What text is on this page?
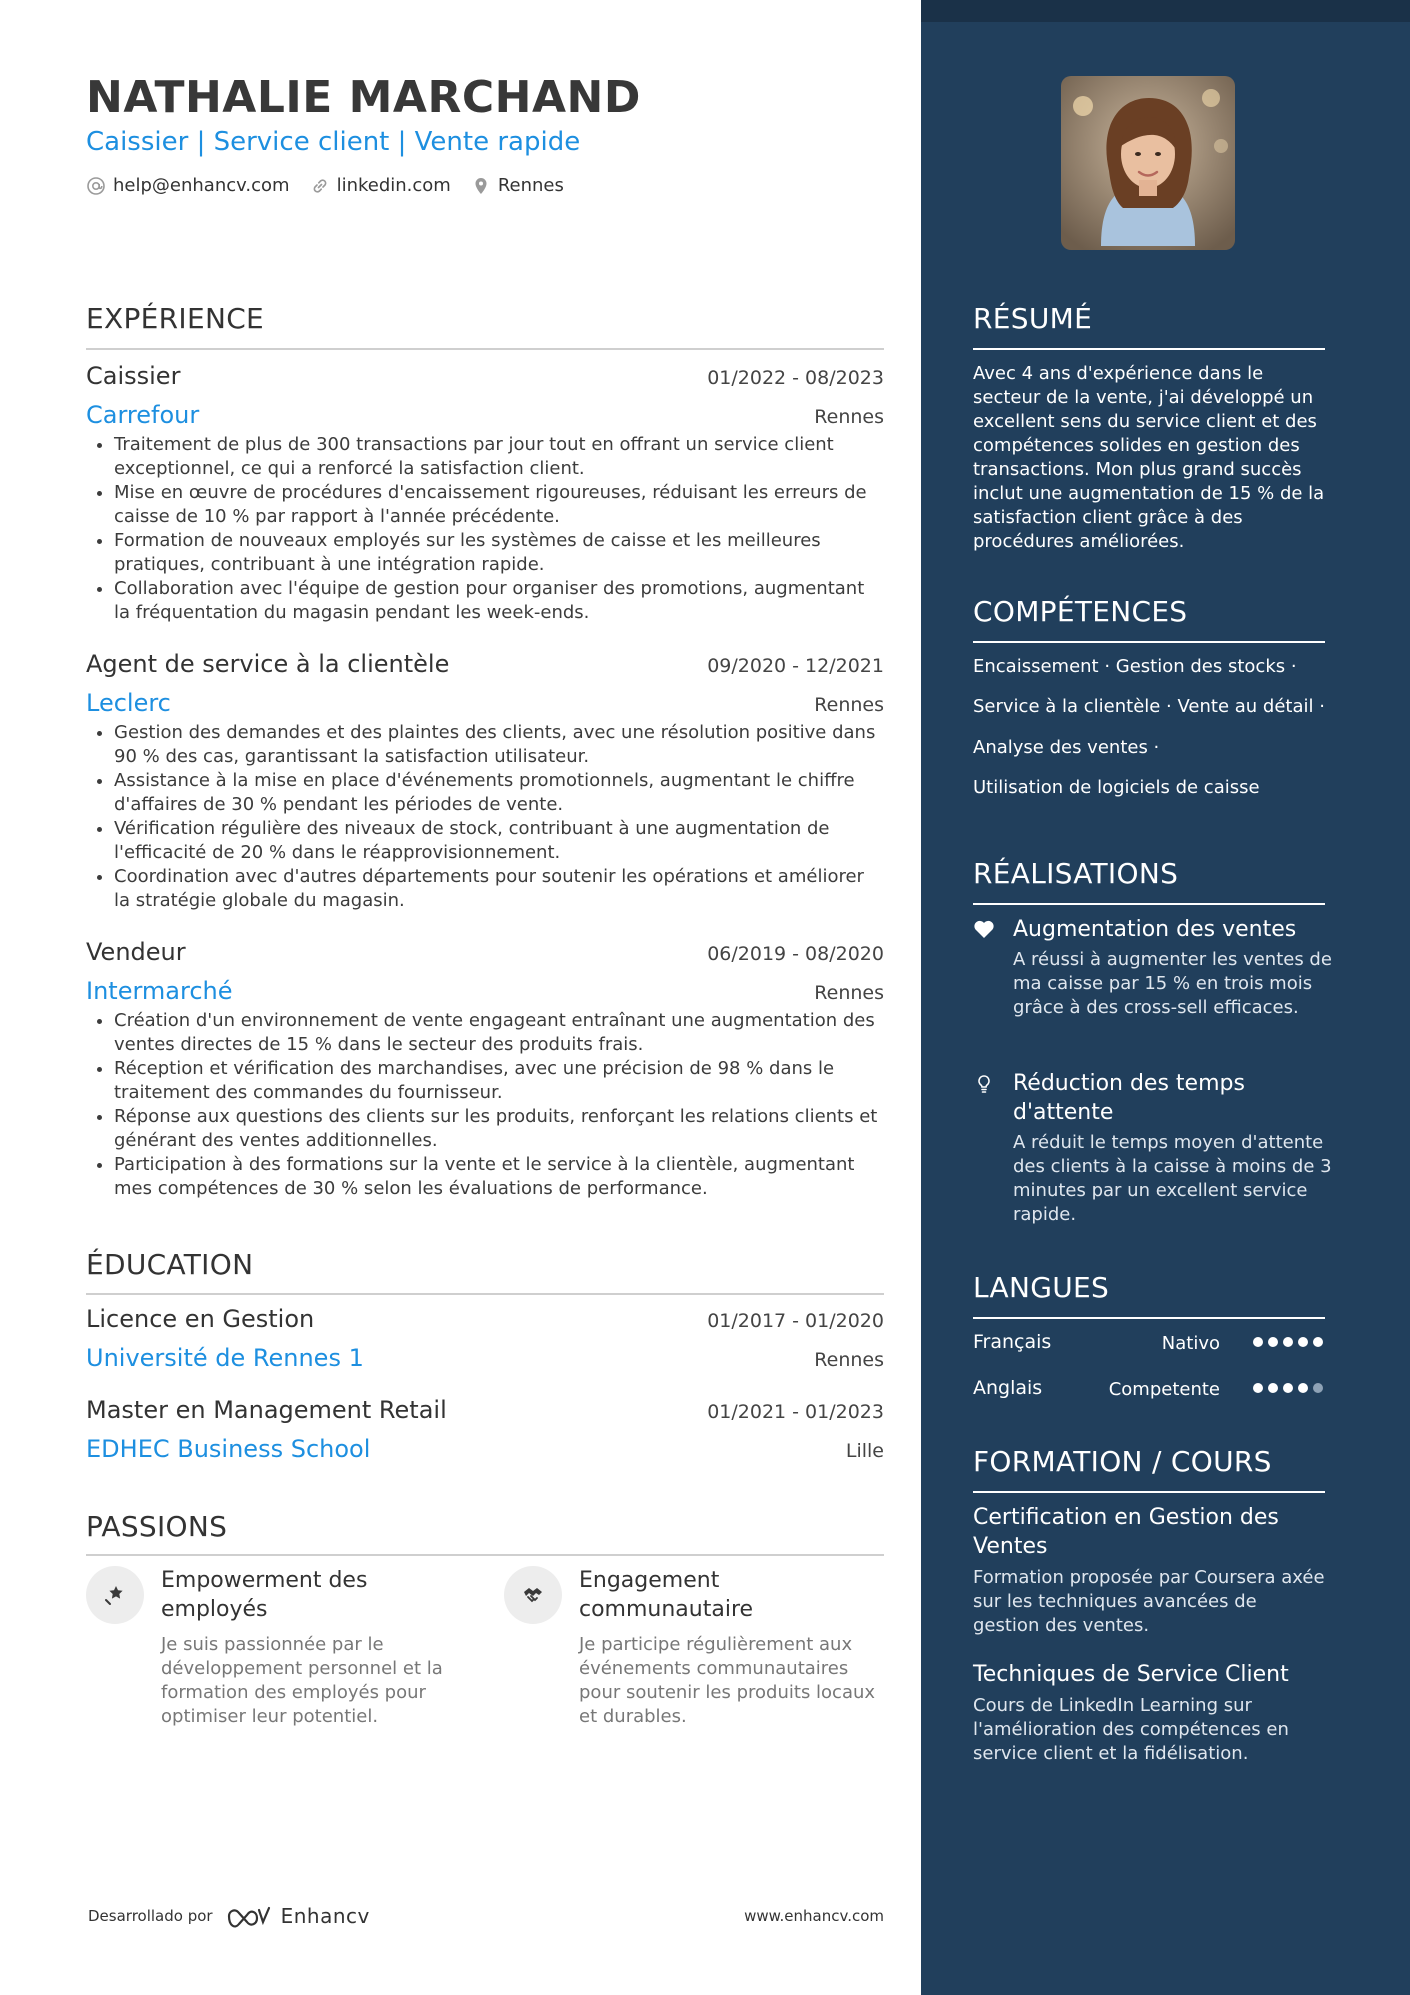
NATHALIE MARCHAND
Caissier | Service client | Vente rapide
help@enhancv.com	linkedin.com	Rennes
EXPÉRIENCE
Caissier	01/2022 - 08/2023
Carrefour	Rennes
• Traitement de plus de 300 transactions par jour tout en offrant un service client exceptionnel, ce qui a renforcé la satisfaction client.
• Mise en œuvre de procédures d'encaissement rigoureuses, réduisant les erreurs de caisse de 10 % par rapport à l'année précédente.
• Formation de nouveaux employés sur les systèmes de caisse et les meilleures pratiques, contribuant à une intégration rapide.
• Collaboration avec l'équipe de gestion pour organiser des promotions, augmentant la fréquentation du magasin pendant les week-ends.
Agent de service à la clientèle	09/2020 - 12/2021
Leclerc	Rennes
• Gestion des demandes et des plaintes des clients, avec une résolution positive dans 90 % des cas, garantissant la satisfaction utilisateur.
• Assistance à la mise en place d'événements promotionnels, augmentant le chiffre d'affaires de 30 % pendant les périodes de vente.
• Vérification régulière des niveaux de stock, contribuant à une augmentation de l'efficacité de 20 % dans le réapprovisionnement.
• Coordination avec d'autres départements pour soutenir les opérations et améliorer la stratégie globale du magasin.
Vendeur	06/2019 - 08/2020
Intermarché	Rennes
• Création d'un environnement de vente engageant entraînant une augmentation des ventes directes de 15 % dans le secteur des produits frais.
• Réception et vérification des marchandises, avec une précision de 98 % dans le traitement des commandes du fournisseur.
• Réponse aux questions des clients sur les produits, renforçant les relations clients et générant des ventes additionnelles.
• Participation à des formations sur la vente et le service à la clientèle, augmentant mes compétences de 30 % selon les évaluations de performance.
ÉDUCATION
Licence en Gestion	01/2017 - 01/2020
Université de Rennes 1	Rennes
Master en Management Retail	01/2021 - 01/2023
EDHEC Business School	Lille
PASSIONS
Empowerment des employés
Je suis passionnée par le développement personnel et la formation des employés pour optimiser leur potentiel.
Engagement communautaire
Je participe régulièrement aux événements communautaires pour soutenir les produits locaux et durables.
Desarrollado por	Enhancv	www.enhancv.com
RÉSUMÉ
Avec 4 ans d'expérience dans le secteur de la vente, j'ai développé un excellent sens du service client et des compétences solides en gestion des transactions. Mon plus grand succès inclut une augmentation de 15 % de la satisfaction client grâce à des procédures améliorées.
COMPÉTENCES
Encaissement · Gestion des stocks ·
Service à la clientèle · Vente au détail ·
Analyse des ventes ·
Utilisation de logiciels de caisse
RÉALISATIONS
Augmentation des ventes
A réussi à augmenter les ventes de ma caisse par 15 % en trois mois grâce à des cross-sell efficaces.
Réduction des temps d'attente
A réduit le temps moyen d'attente des clients à la caisse à moins de 3 minutes par un excellent service rapide.
LANGUES
Français	Nativo
Anglais	Competente
FORMATION / COURS
Certification en Gestion des Ventes
Formation proposée par Coursera axée sur les techniques avancées de gestion des ventes.
Techniques de Service Client
Cours de LinkedIn Learning sur l'amélioration des compétences en service client et la fidélisation.
